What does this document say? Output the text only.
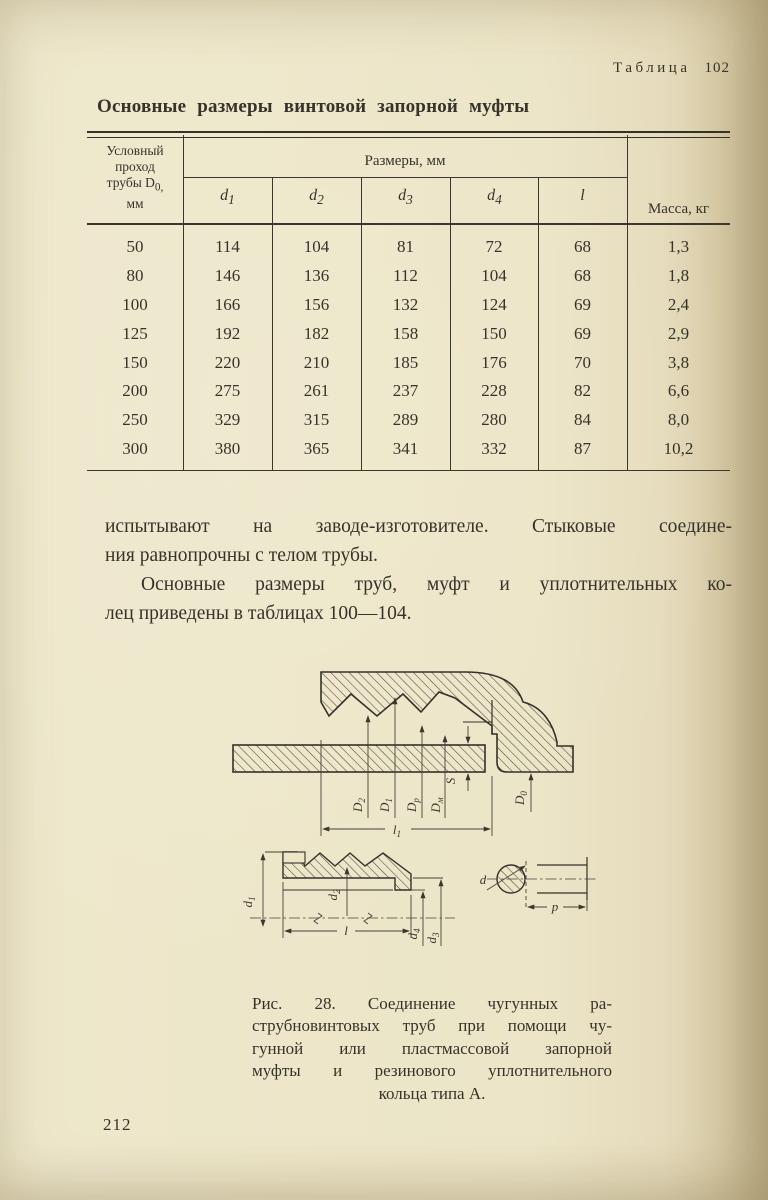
Таблица 102
Основные размеры винтовой запорной муфты
Условный
проход
трубы $D_{0,}$
мм
Размеры, мм
$d_1$	$d_2$	$d_3$	$d_4$	l
Масса, кг
50	114	104	81	72	68	1,3
80	146	136	112	104	68	1,8
100	166	156	132	124	69	2,4
125	192	182	158	150	69	2,9
150	220	210	185	176	70	3,8
200	275	261	237	228	82	6,6
250	329	315	289	280	84	8,0
300	380	365	341	332	87	10,2
испытывают на заводе-изготовителе. Стыковые соедине-
ния равнопрочны с телом трубы.
Основные размеры труб, муфт и уплотнительных ко-
лец приведены в таблицах 100—104.
$D_2$
$D_1$
$D_р$
$D_м$
S
$D_0$
$l_1$
$d_1$	$d_2$
l	$d_4$
$d_3$
d
p
Рис. 28. Соединение чугунных ра-
струбновинтовых труб при помощи чу-
гунной или пластмассовой запорной
муфты и резинового уплотнительного
кольца типа А.
212
